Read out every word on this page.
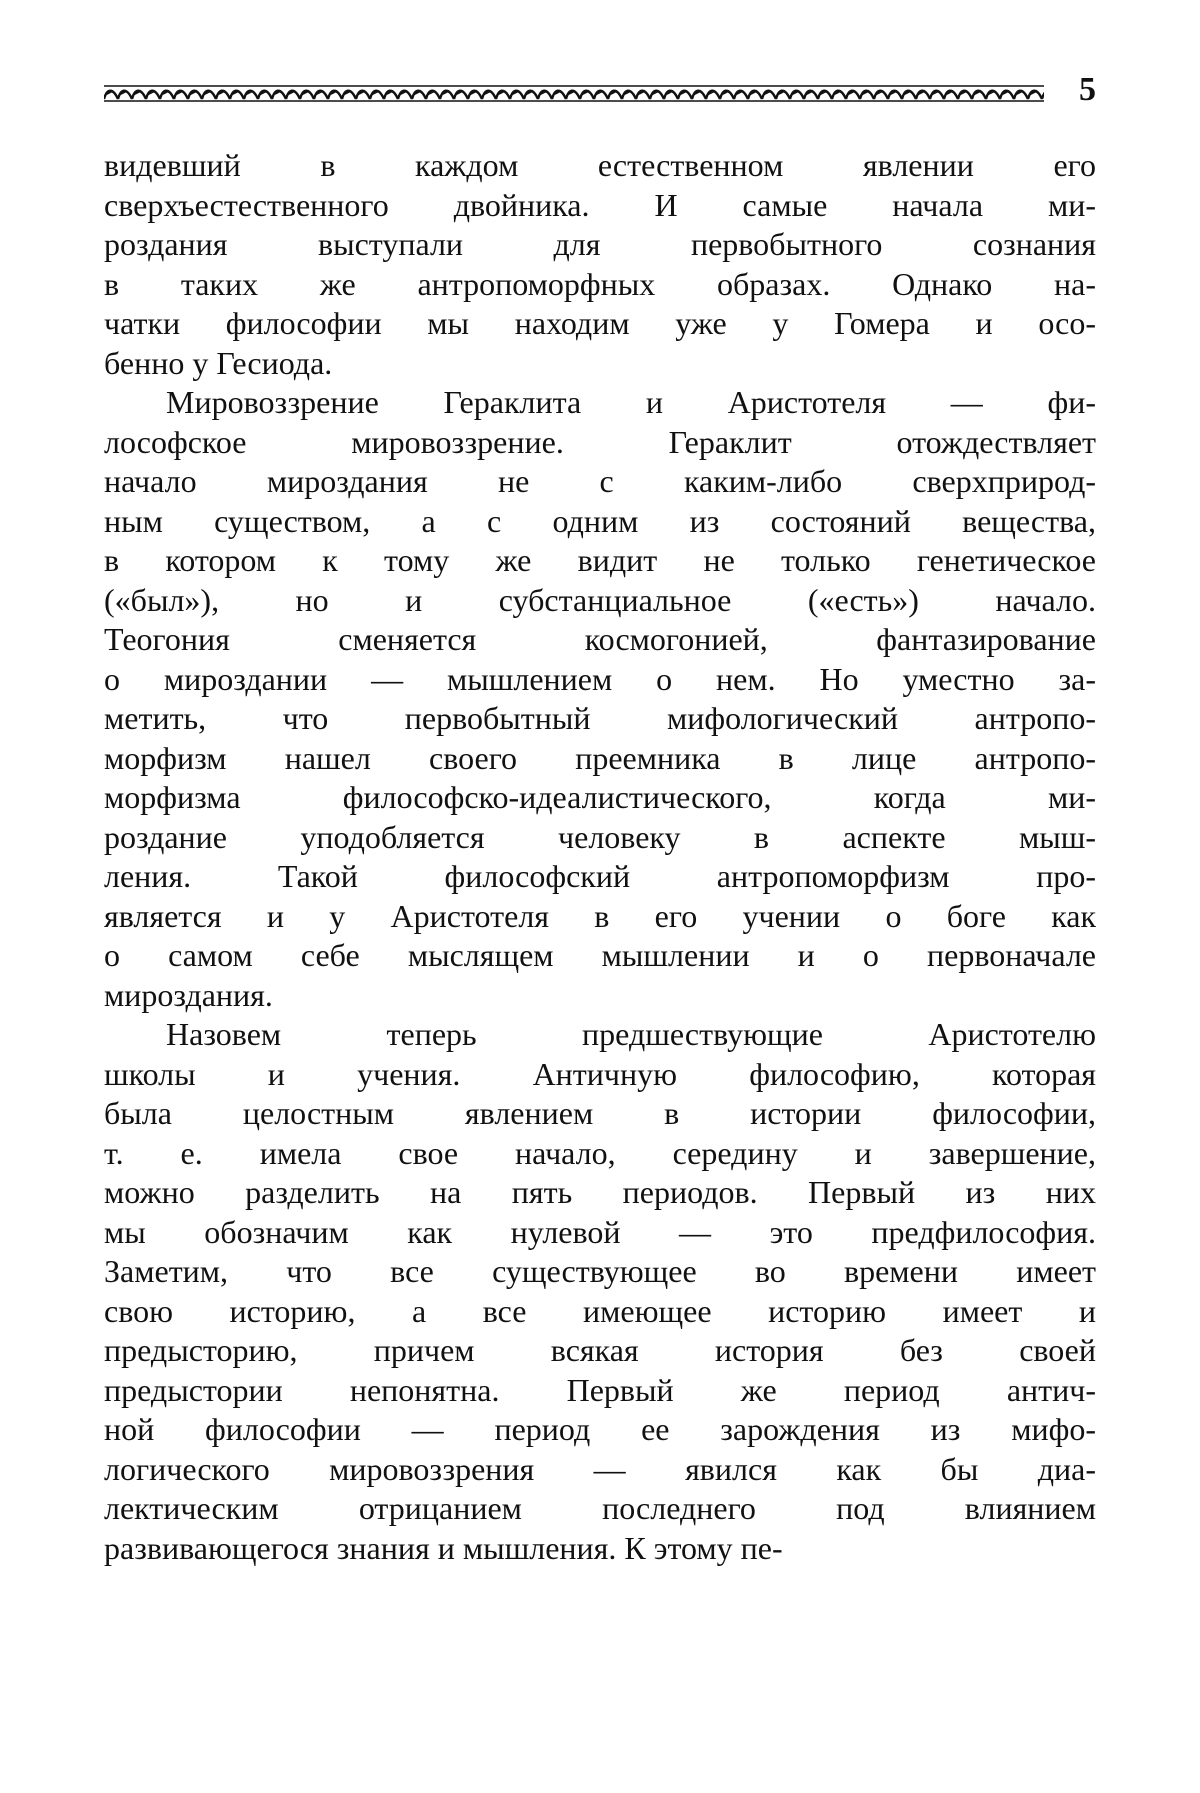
5
видевший в каждом естественном явлении его
сверхъестественного двойника. И самые начала ми-
роздания выступали для первобытного сознания
в таких же антропоморфных образах. Однако на-
чатки философии мы находим уже у Гомера и осо-
бенно у Гесиода.
Мировоззрение Гераклита и Аристотеля — фи-
лософское мировоззрение. Гераклит отождествляет
начало мироздания не с каким-либо сверхприрод-
ным существом, а с одним из состояний вещества,
в котором к тому же видит не только генетическое
(«был»), но и субстанциальное («есть») начало.
Теогония сменяется космогонией, фантазирование
о мироздании — мышлением о нем. Но уместно за-
метить, что первобытный мифологический антропо-
морфизм нашел своего преемника в лице антропо-
морфизма философско-идеалистического, когда ми-
роздание уподобляется человеку в аспекте мыш-
ления. Такой философский антропоморфизм про-
является и у Аристотеля в его учении о боге как
о самом себе мыслящем мышлении и о первоначале
мироздания.
Назовем теперь предшествующие Аристотелю
школы и учения. Античную философию, которая
была целостным явлением в истории философии,
т. е. имела свое начало, середину и завершение,
можно разделить на пять периодов. Первый из них
мы обозначим как нулевой — это предфилософия.
Заметим, что все существующее во времени имеет
свою историю, а все имеющее историю имеет и
предысторию, причем всякая история без своей
предыстории непонятна. Первый же период антич-
ной философии — период ее зарождения из мифо-
логического мировоззрения — явился как бы диа-
лектическим отрицанием последнего под влиянием
развивающегося знания и мышления. К этому пе-
